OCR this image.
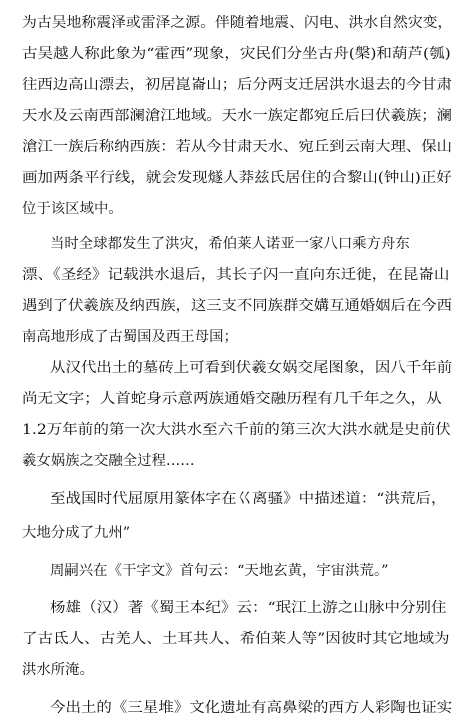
为古吴地称震泽或雷泽之源。伴随着地震、闪电、洪水自然灾变，
古吴越人称此象为“霍西”现象，灾民们分坐古舟(槃)和葫芦(瓠)
往西边高山漂去，初居崑崙山；后分两支迁居洪水退去的今甘肃
天水及云南西部澜滄江地域。天水一族定都宛丘后曰伏羲族；澜
滄江一族后称纳西族：若从今甘肃天水、宛丘到云南大理、保山
画加两条平行线，就会发现燧人莽兹氏居住的合黎山(钟山)正好
位于该区域中。
当时全球都发生了洪灾，希伯莱人诺亚一家八口乘方舟东
漂、《圣经》记载洪水退后，其长子闪一直向东迁徙，在昆崙山
遇到了伏羲族及纳西族，这三支不同族群交媾互通婚姻后在今西
南高地形成了古蜀国及西王母国；
从汉代出土的墓砖上可看到伏羲女娲交尾图象，因八千年前
尚无文字；人首蛇身示意两族通婚交融历程有几千年之久，从
1.2万年前的第一次大洪水至六千前的第三次大洪水就是史前伏
羲女娲族之交融全过程……
至战国时代屈原用篆体字在巜离骚》中描述道：“洪荒后，
大地分成了九州”
周嗣兴在《干字文》首句云：“天地玄黄，宇宙洪荒。”
杨雄（汉）著《蜀王本纪》云：“珉江上游之山脉中分别住
了古氐人、古羌人、土耳共人、希伯莱人等”因彼时其它地域为
洪水所淹。
今出土的《三星堆》文化遗址有高鼻梁的西方人彩陶也证实
